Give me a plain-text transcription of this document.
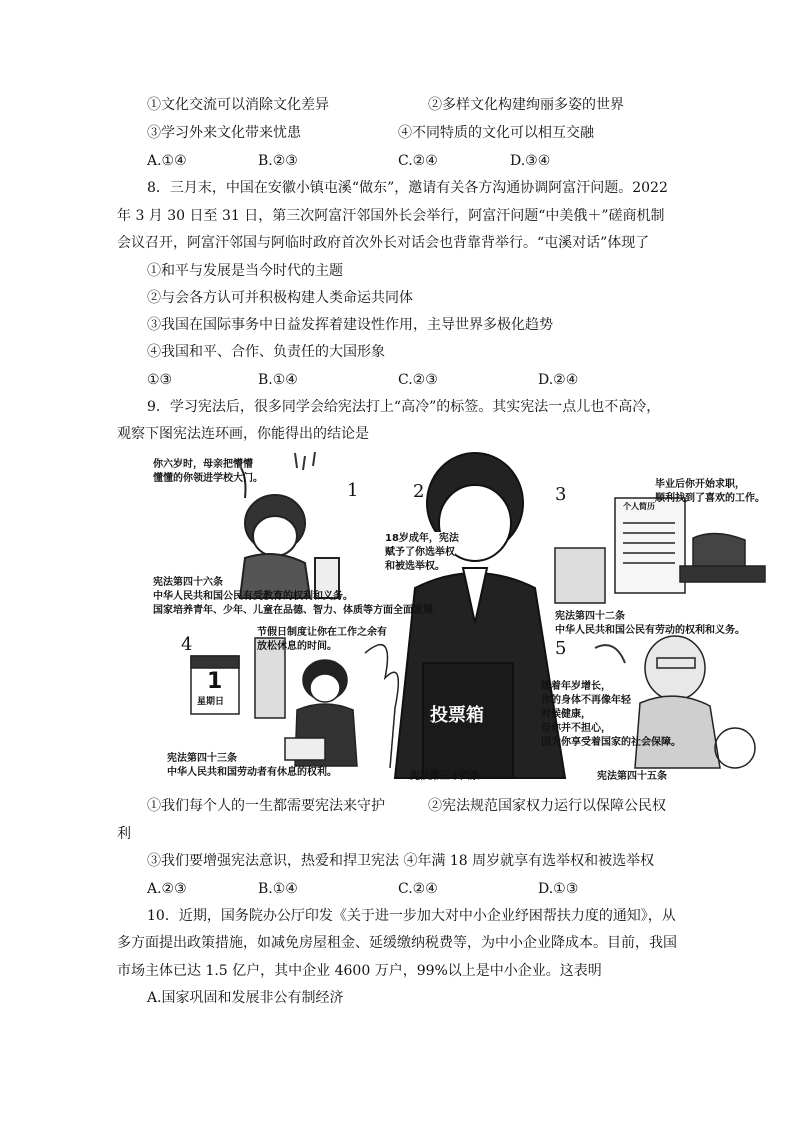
①文化交流可以消除文化差异	②多样文化构建绚丽多姿的世界
③学习外来文化带来忧患	④不同特质的文化可以相互交融
A.①④	B.②③	C.②④	D.③④
8．三月末，中国在安徽小镇屯溪“做东”，邀请有关各方沟通协调阿富汗问题。2022
年 3 月 30 日至 31 日，第三次阿富汗邻国外长会举行，阿富汗问题“中美俄＋”磋商机制
会议召开，阿富汗邻国与阿临时政府首次外长对话会也背靠背举行。“屯溪对话”体现了
①和平与发展是当今时代的主题
②与会各方认可并积极构建人类命运共同体
③我国在国际事务中日益发挥着建设性作用，主导世界多极化趋势
④我国和平、合作、负责任的大国形象
①③	B.①④	C.②③	D.②④
9．学习宪法后，很多同学会给宪法打上“高冷”的标签。其实宪法一点儿也不高冷，
观察下图宪法连环画，你能得出的结论是
1	2	3
4	5
你六岁时，母亲把懵懵
懂懂的你领进学校大门。
宪法第四十六条
中华人民共和国公民有受教育的权利和义务。
国家培养青年、少年、儿童在品德、智力、体质等方面全面发展
18岁成年，宪法
赋予了你选举权
和被选举权。
投票箱
宪法第三十四条
毕业后你开始求职，
顺利找到了喜欢的工作。
个人简历
宪法第四十二条
中华人民共和国公民有劳动的权利和义务。
节假日制度让你在工作之余有
放松休息的时间。
1
星期日
宪法第四十三条
中华人民共和国劳动者有休息的权利。
随着年岁增长，
你的身体不再像年轻
时候健康，
但你并不担心，
因为你享受着国家的社会保障。
宪法第四十五条
①我们每个人的一生都需要宪法来守护	②宪法规范国家权力运行以保障公民权
利
③我们要增强宪法意识，热爱和捍卫宪法 ④年满 18 周岁就享有选举权和被选举权
A.②③	B.①④	C.②④	D.①③
10．近期，国务院办公厅印发《关于进一步加大对中小企业纾困帮扶力度的通知》，从
多方面提出政策措施，如减免房屋租金、延缓缴纳税费等，为中小企业降成本。目前，我国
市场主体已达 1.5 亿户，其中企业 4600 万户，99%以上是中小企业。这表明
A.国家巩固和发展非公有制经济
